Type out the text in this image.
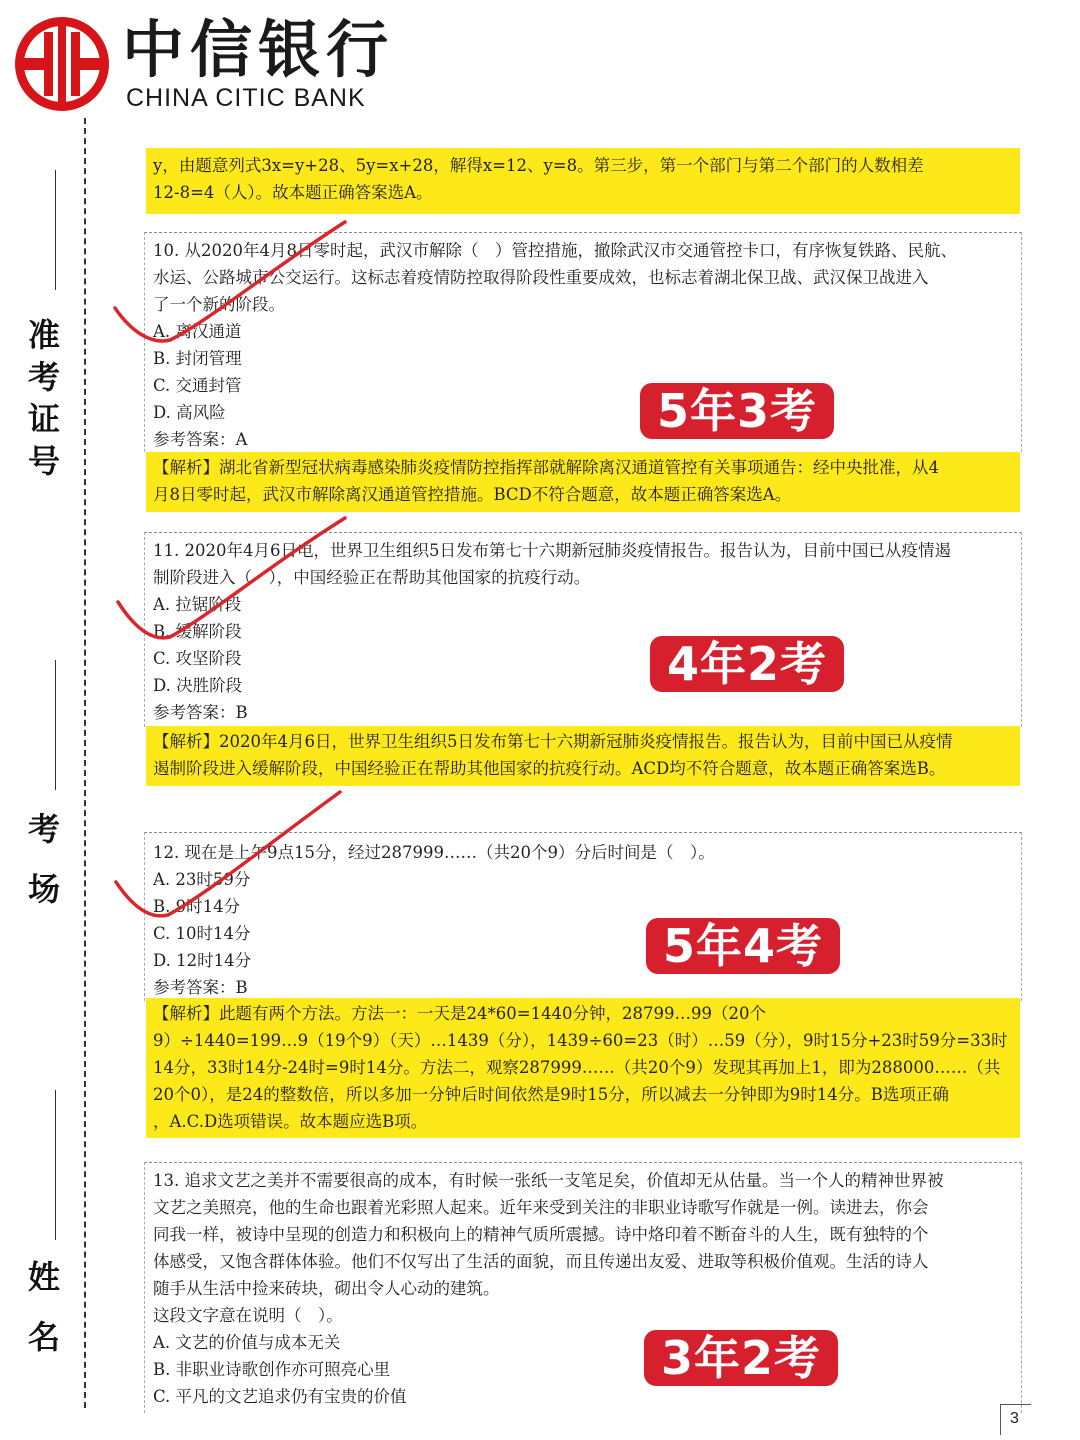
中信银行
CHINA CITIC BANK
准考证号
考场
姓名
y，由题意列式3x=y+28、5y=x+28，解得x=12、y=8。第三步，第一个部门与第二个部门的人数相差
12-8=4（人）。故本题正确答案选A。
10. 从2020年4月8日零时起，武汉市解除（　）管控措施，撤除武汉市交通管控卡口，有序恢复铁路、民航、
水运、公路城市公交运行。这标志着疫情防控取得阶段性重要成效，也标志着湖北保卫战、武汉保卫战进入
了一个新的阶段。
A. 离汉通道
B. 封闭管理
C. 交通封管
D. 高风险
参考答案：A
【解析】湖北省新型冠状病毒感染肺炎疫情防控指挥部就解除离汉通道管控有关事项通告：经中央批准，从4
月8日零时起，武汉市解除离汉通道管控措施。BCD不符合题意，故本题正确答案选A。
5年3考
11. 2020年4月6日电，世界卫生组织5日发布第七十六期新冠肺炎疫情报告。报告认为，目前中国已从疫情遏
制阶段进入（　），中国经验正在帮助其他国家的抗疫行动。
A. 拉锯阶段
B. 缓解阶段
C. 攻坚阶段
D. 决胜阶段
参考答案：B
【解析】2020年4月6日，世界卫生组织5日发布第七十六期新冠肺炎疫情报告。报告认为，目前中国已从疫情
遏制阶段进入缓解阶段，中国经验正在帮助其他国家的抗疫行动。ACD均不符合题意，故本题正确答案选B。
4年2考
12. 现在是上午9点15分，经过287999……（共20个9）分后时间是（　）。
A. 23时59分
B. 9时14分
C. 10时14分
D. 12时14分
参考答案：B
【解析】此题有两个方法。方法一：一天是24*60=1440分钟，28799…99（20个
9）÷1440=199…9（19个9）（天）…1439（分），1439÷60=23（时）…59（分），9时15分+23时59分=33时
14分，33时14分-24时=9时14分。方法二，观察287999……（共20个9）发现其再加上1，即为288000……（共
20个0），是24的整数倍，所以多加一分钟后时间依然是9时15分，所以减去一分钟即为9时14分。B选项正确
，A.C.D选项错误。故本题应选B项。
5年4考
13. 追求文艺之美并不需要很高的成本，有时候一张纸一支笔足矣，价值却无从估量。当一个人的精神世界被
文艺之美照亮，他的生命也跟着光彩照人起来。近年来受到关注的非职业诗歌写作就是一例。读进去，你会
同我一样，被诗中呈现的创造力和积极向上的精神气质所震撼。诗中烙印着不断奋斗的人生，既有独特的个
体感受，又饱含群体体验。他们不仅写出了生活的面貌，而且传递出友爱、进取等积极价值观。生活的诗人
随手从生活中捡来砖块，砌出令人心动的建筑。
这段文字意在说明（　）。
A. 文艺的价值与成本无关
B. 非职业诗歌创作亦可照亮心里
C. 平凡的文艺追求仍有宝贵的价值
3年2考
3
